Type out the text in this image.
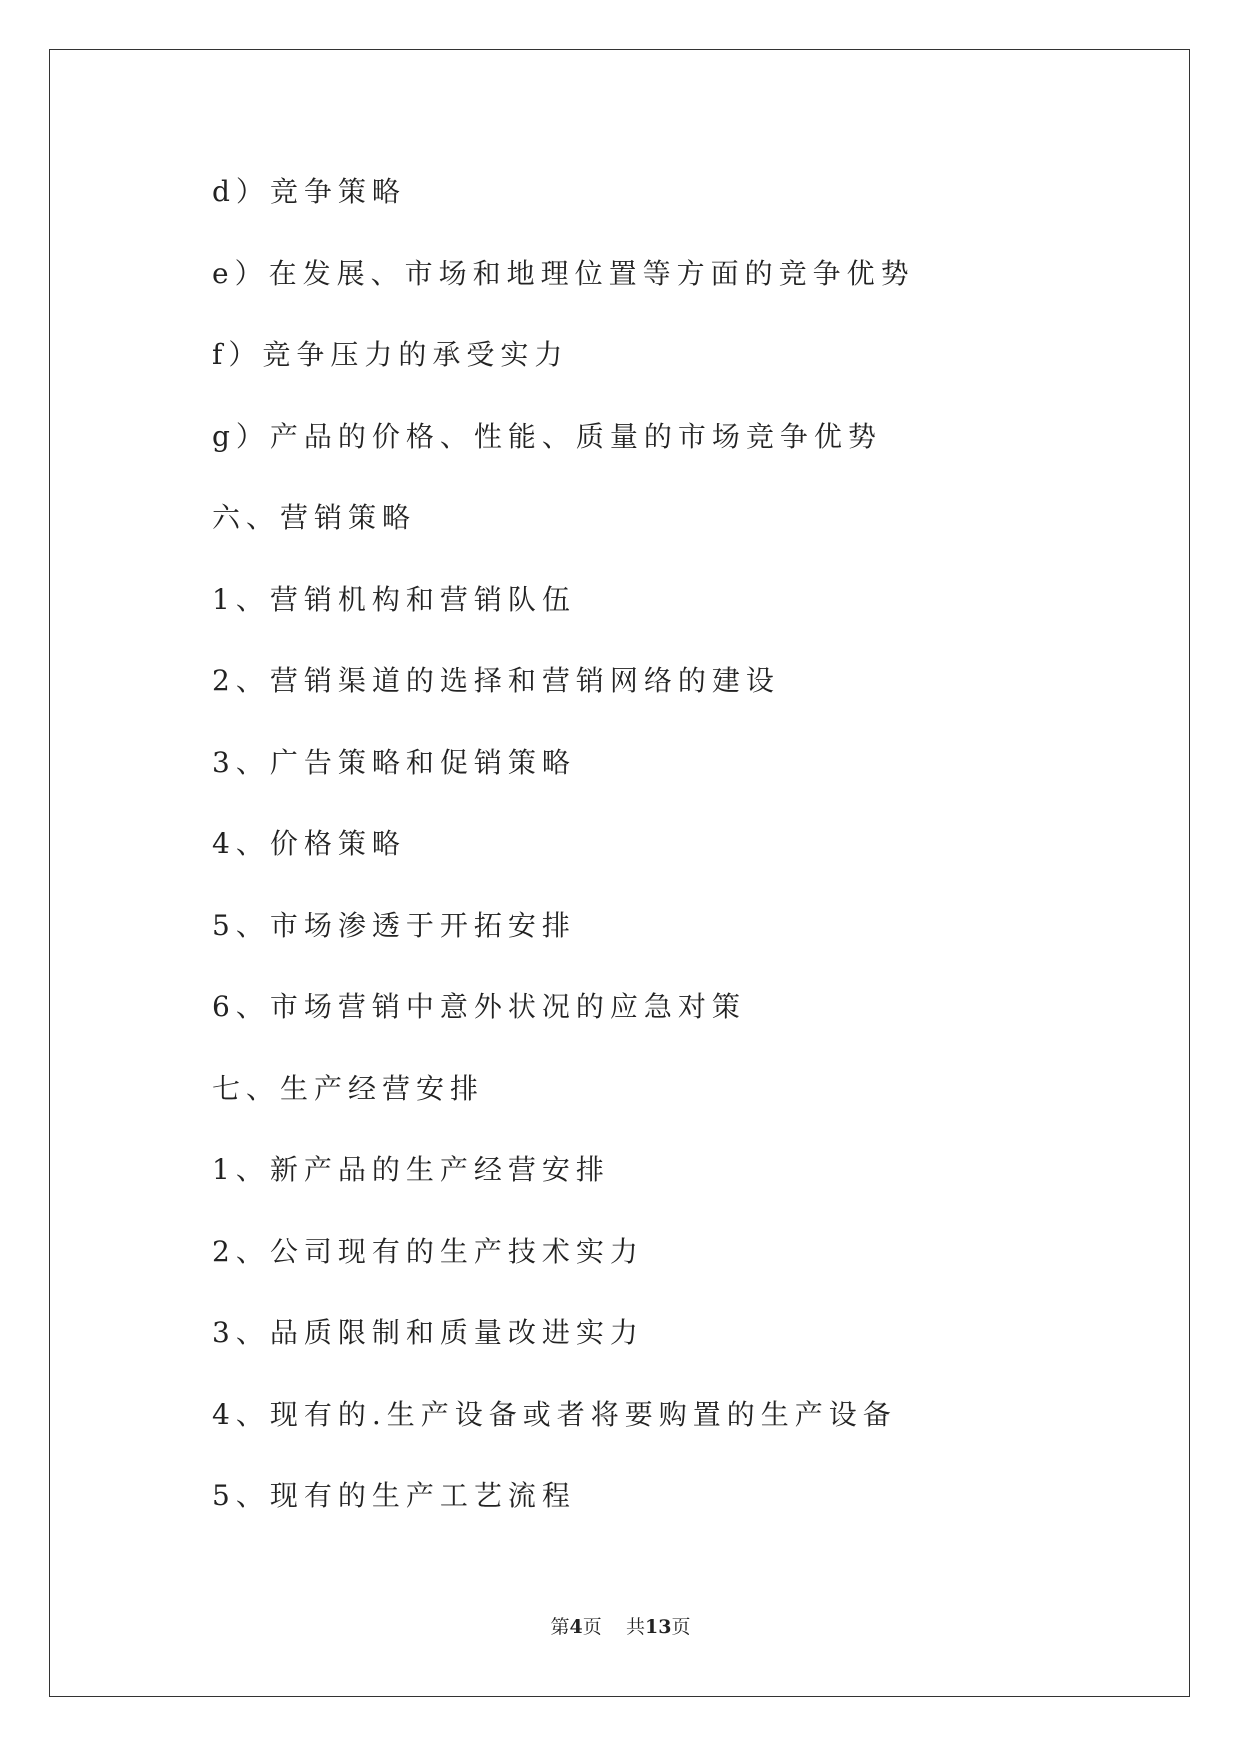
d）竞争策略
e）在发展、市场和地理位置等方面的竞争优势
f）竞争压力的承受实力
g）产品的价格、性能、质量的市场竞争优势
六、营销策略
1、营销机构和营销队伍
2、营销渠道的选择和营销网络的建设
3、广告策略和促销策略
4、价格策略
5、市场渗透于开拓安排
6、市场营销中意外状况的应急对策
七、生产经营安排
1、新产品的生产经营安排
2、公司现有的生产技术实力
3、品质限制和质量改进实力
4、现有的.生产设备或者将要购置的生产设备
5、现有的生产工艺流程
第4页 共13页
